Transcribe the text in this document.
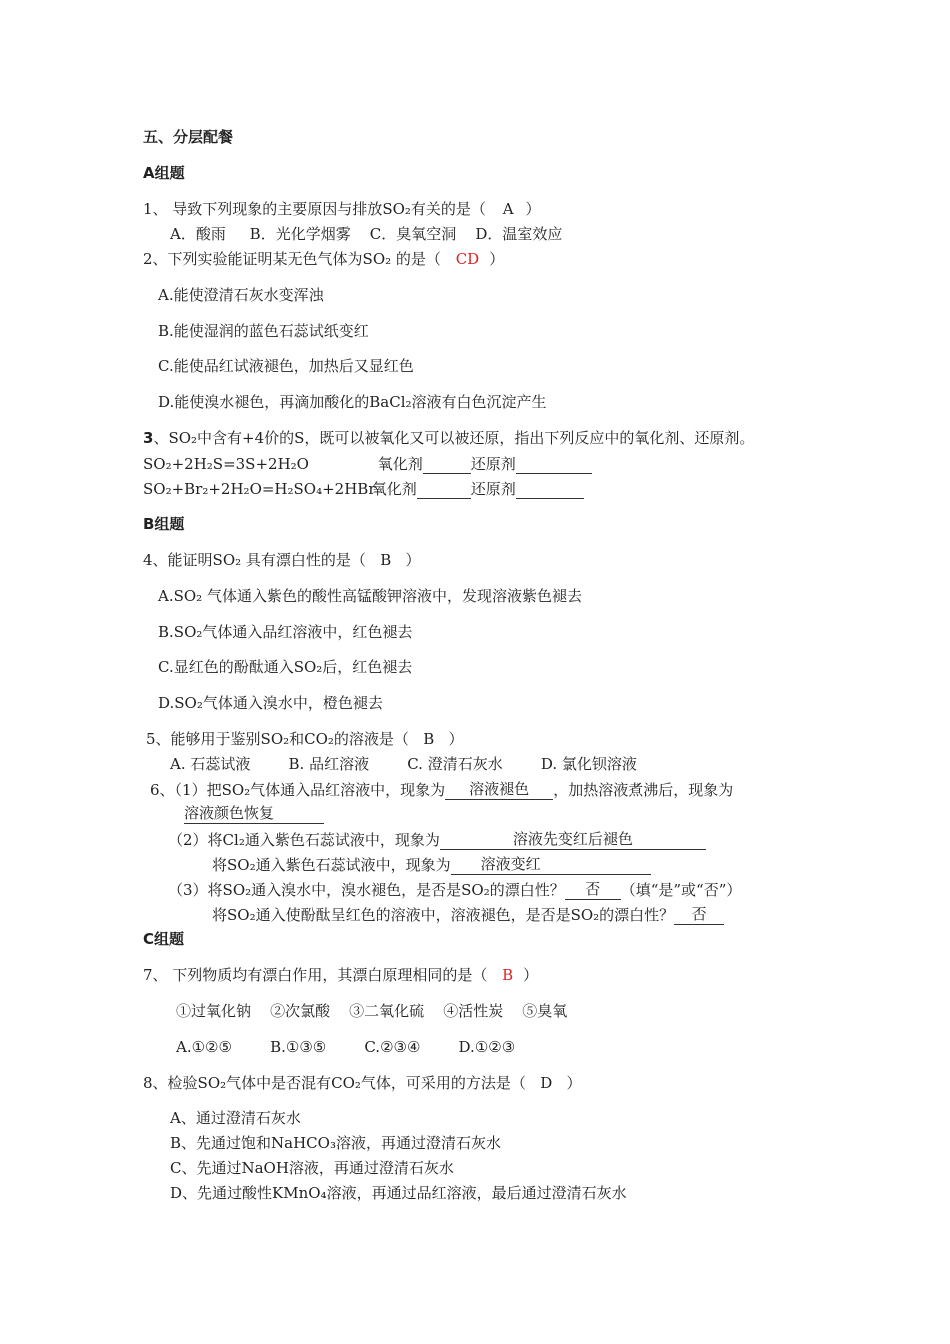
五、分层配餐
A组题
1、 导致下列现象的主要原因与排放SO₂有关的是（ A ）
A．酸雨     B．光化学烟雾    C．臭氧空洞    D．温室效应
2、下列实验能证明某无色气体为SO₂ 的是（ CD ）
A.能使澄清石灰水变浑浊
B.能使湿润的蓝色石蕊试纸变红
C.能使品红试液褪色，加热后又显红色
D.能使溴水褪色，再滴加酸化的BaCl₂溶液有白色沉淀产生
3、SO₂中含有+4价的S，既可以被氧化又可以被还原，指出下列反应中的氧化剂、还原剂。
SO₂+2H₂S=3S+2H₂O	氧化剂	还原剂
SO₂+Br₂+2H₂O=H₂SO₄+2HBr 氧化剂	还原剂
B组题
4、能证明SO₂ 具有漂白性的是（   B   ）
A.SO₂ 气体通入紫色的酸性高锰酸钾溶液中，发现溶液紫色褪去
B.SO₂气体通入品红溶液中，红色褪去
C.显红色的酚酞通入SO₂后，红色褪去
D.SO₂气体通入溴水中，橙色褪去
5、能够用于鉴别SO₂和CO₂的溶液是（   B   ）
A. 石蕊试液        B. 品红溶液        C. 澄清石灰水        D. 氯化钡溶液
6、（1）把SO₂气体通入品红溶液中，现象为 溶液褪色 ，加热溶液煮沸后，现象为
溶液颜色恢复
（2）将Cl₂通入紫色石蕊试液中，现象为	溶液先变红后褪色
将SO₂通入紫色石蕊试液中，现象为 溶液变红
（3）将SO₂通入溴水中，溴水褪色，是否是SO₂的漂白性？ 否 （填“是”或“否”）
将SO₂通入使酚酞呈红色的溶液中，溶液褪色，是否是SO₂的漂白性？ 否
C组题
7、 下列物质均有漂白作用，其漂白原理相同的是（ B ）
①过氧化钠    ②次氯酸    ③二氧化硫    ④活性炭    ⑤臭氧
A.①②⑤        B.①③⑤        C.②③④        D.①②③
8、检验SO₂气体中是否混有CO₂气体，可采用的方法是（   D   ）
A、通过澄清石灰水
B、先通过饱和NaHCO₃溶液，再通过澄清石灰水
C、先通过NaOH溶液，再通过澄清石灰水
D、先通过酸性KMnO₄溶液，再通过品红溶液，最后通过澄清石灰水
